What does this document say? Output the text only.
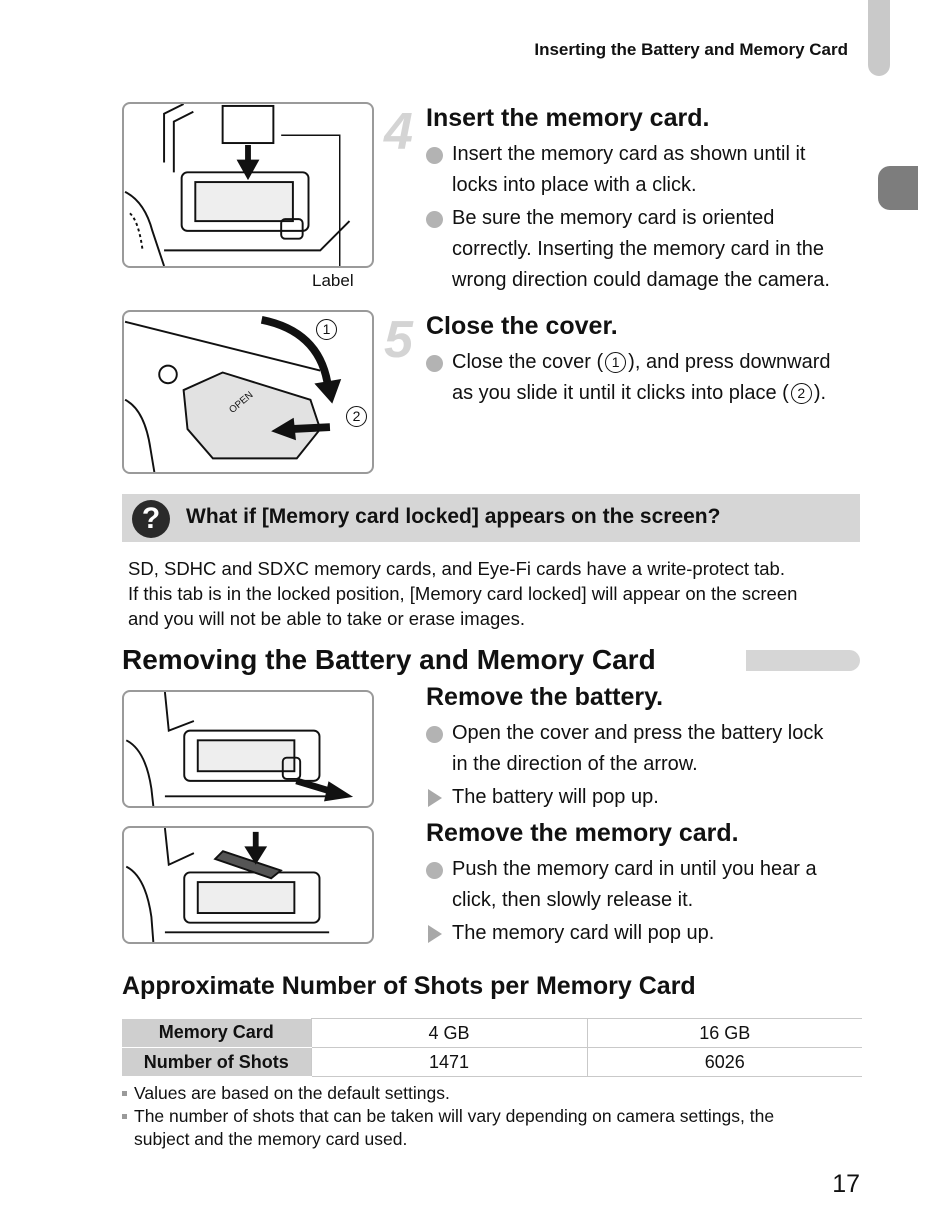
Inserting the Battery and Memory Card
Label
OPEN
1
2
4 Insert the memory card.
Insert the memory card as shown until it
locks into place with a click.
Be sure the memory card is oriented
correctly. Inserting the memory card in the
wrong direction could damage the camera.
5 Close the cover.
Close the cover ( 1 ), and press downward
as you slide it until it clicks into place ( 2 ).
?	What if [Memory card locked] appears on the screen?
SD, SDHC and SDXC memory cards, and Eye-Fi cards have a write-protect tab.
If this tab is in the locked position, [Memory card locked] will appear on the screen
and you will not be able to take or erase images.
Removing the Battery and Memory Card
Remove the battery.
Open the cover and press the battery lock
in the direction of the arrow.
The battery will pop up.
Remove the memory card.
Push the memory card in until you hear a
click, then slowly release it.
The memory card will pop up.
Approximate Number of Shots per Memory Card
Memory Card	4 GB	16 GB
Number of Shots	1471	6026
Values are based on the default settings.
The number of shots that can be taken will vary depending on camera settings, the
subject and the memory card used.
17
